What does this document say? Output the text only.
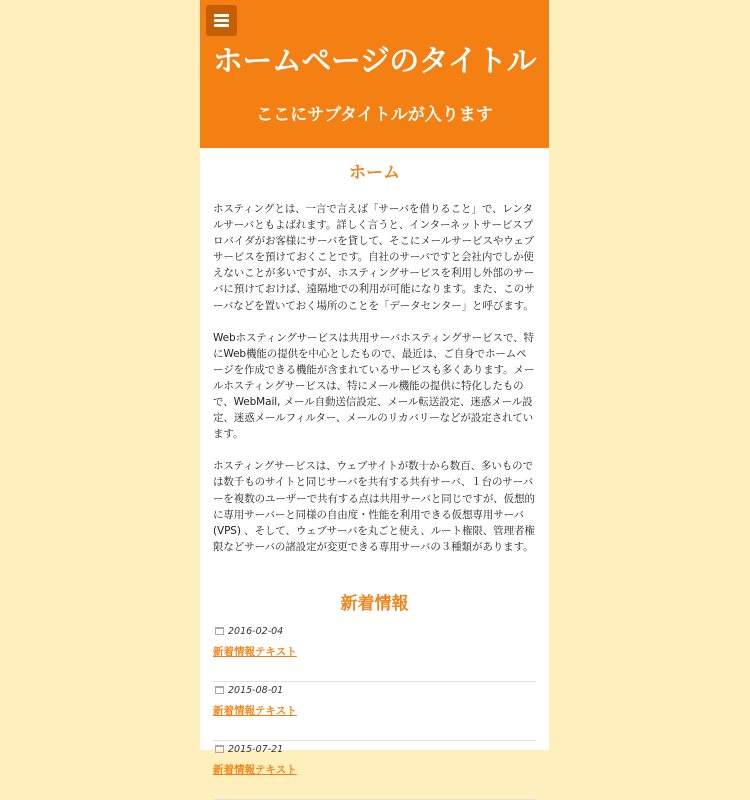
ホームページのタイトル
ここにサブタイトルが入ります
ホーム

ホスティングとは、一言で言えば「サーバを借りること」で、レンタルサーバともよばれます。詳しく言うと、インターネットサービスプロバイダがお客様にサーバを貸して、そこにメールサービスやウェブサービスを預けておくことです。自社のサーバですと会社内でしか使えないことが多いですが、ホスティングサービスを利用し外部のサーバに預けておけば、遠隔地での利用が可能になります。また、このサーバなどを置いておく場所のことを「データセンター」と呼びます。

Webホスティングサービスは共用サーバホスティングサービスで、特にWeb機能の提供を中心としたもので、最近は、ご自身でホームページを作成できる機能が含まれているサービスも多くあります。メールホスティングサービスは、特にメール機能の提供に特化したもので、WebMail, メール自動送信設定、メール転送設定、迷惑メール設定、迷惑メールフィルター、メールのリカバリーなどが設定されています。

ホスティングサービスは、ウェブサイトが数十から数百、多いものでは数千ものサイトと同じサーバを共有する共有サーバ、１台のサーバーを複数のユーザーで共有する点は共用サーバと同じですが、仮想的に専用サーバーと同様の自由度・性能を利用できる仮想専用サーバ(VPS) 、そして、ウェブサーバを丸ごと使え、ルート権限、管理者権限などサーバの諸設定が変更できる専用サーバの３種類があります。

新着情報
2016-02-04
新着情報テキスト
2015-08-01
新着情報テキスト
2015-07-21
新着情報テキスト
